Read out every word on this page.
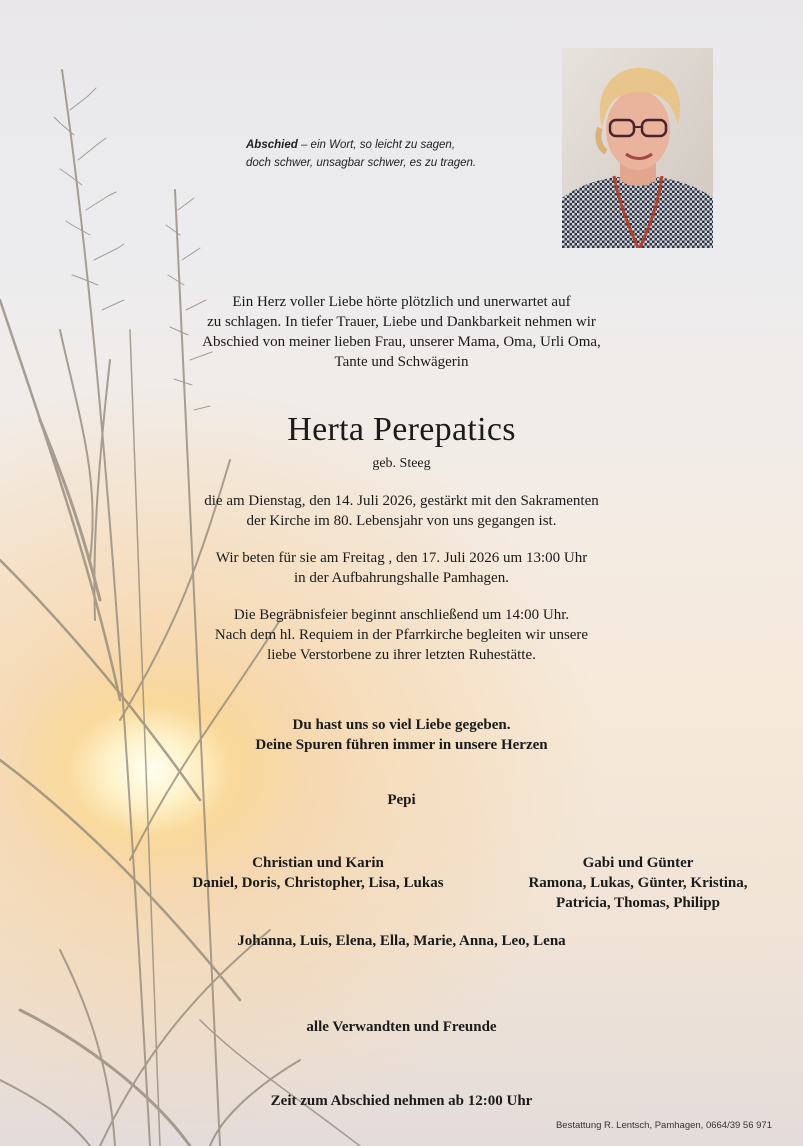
Abschied – ein Wort, so leicht zu sagen,
doch schwer, unsagbar schwer, es zu tragen.
Ein Herz voller Liebe hörte plötzlich und unerwartet auf
zu schlagen. In tiefer Trauer, Liebe und Dankbarkeit nehmen wir
Abschied von meiner lieben Frau, unserer Mama, Oma, Urli Oma,
Tante und Schwägerin
Herta Perepatics
geb. Steeg
die am Dienstag, den 14. Juli 2026, gestärkt mit den Sakramenten
der Kirche im 80. Lebensjahr von uns gegangen ist.
Wir beten für sie am Freitag , den 17. Juli 2026 um 13:00 Uhr
in der Aufbahrungshalle Pamhagen.
Die Begräbnisfeier beginnt anschließend um 14:00 Uhr.
Nach dem hl. Requiem in der Pfarrkirche begleiten wir unsere
liebe Verstorbene zu ihrer letzten Ruhestätte.
Du hast uns so viel Liebe gegeben.
Deine Spuren führen immer in unsere Herzen
Pepi
Christian und Karin
Daniel, Doris, Christopher, Lisa, Lukas
Gabi und Günter
Ramona, Lukas, Günter, Kristina,
Patricia, Thomas, Philipp
Johanna, Luis, Elena, Ella, Marie, Anna, Leo, Lena
alle Verwandten und Freunde
Zeit zum Abschied nehmen ab 12:00 Uhr
Bestattung R. Lentsch, Pamhagen, 0664/39 56 971
